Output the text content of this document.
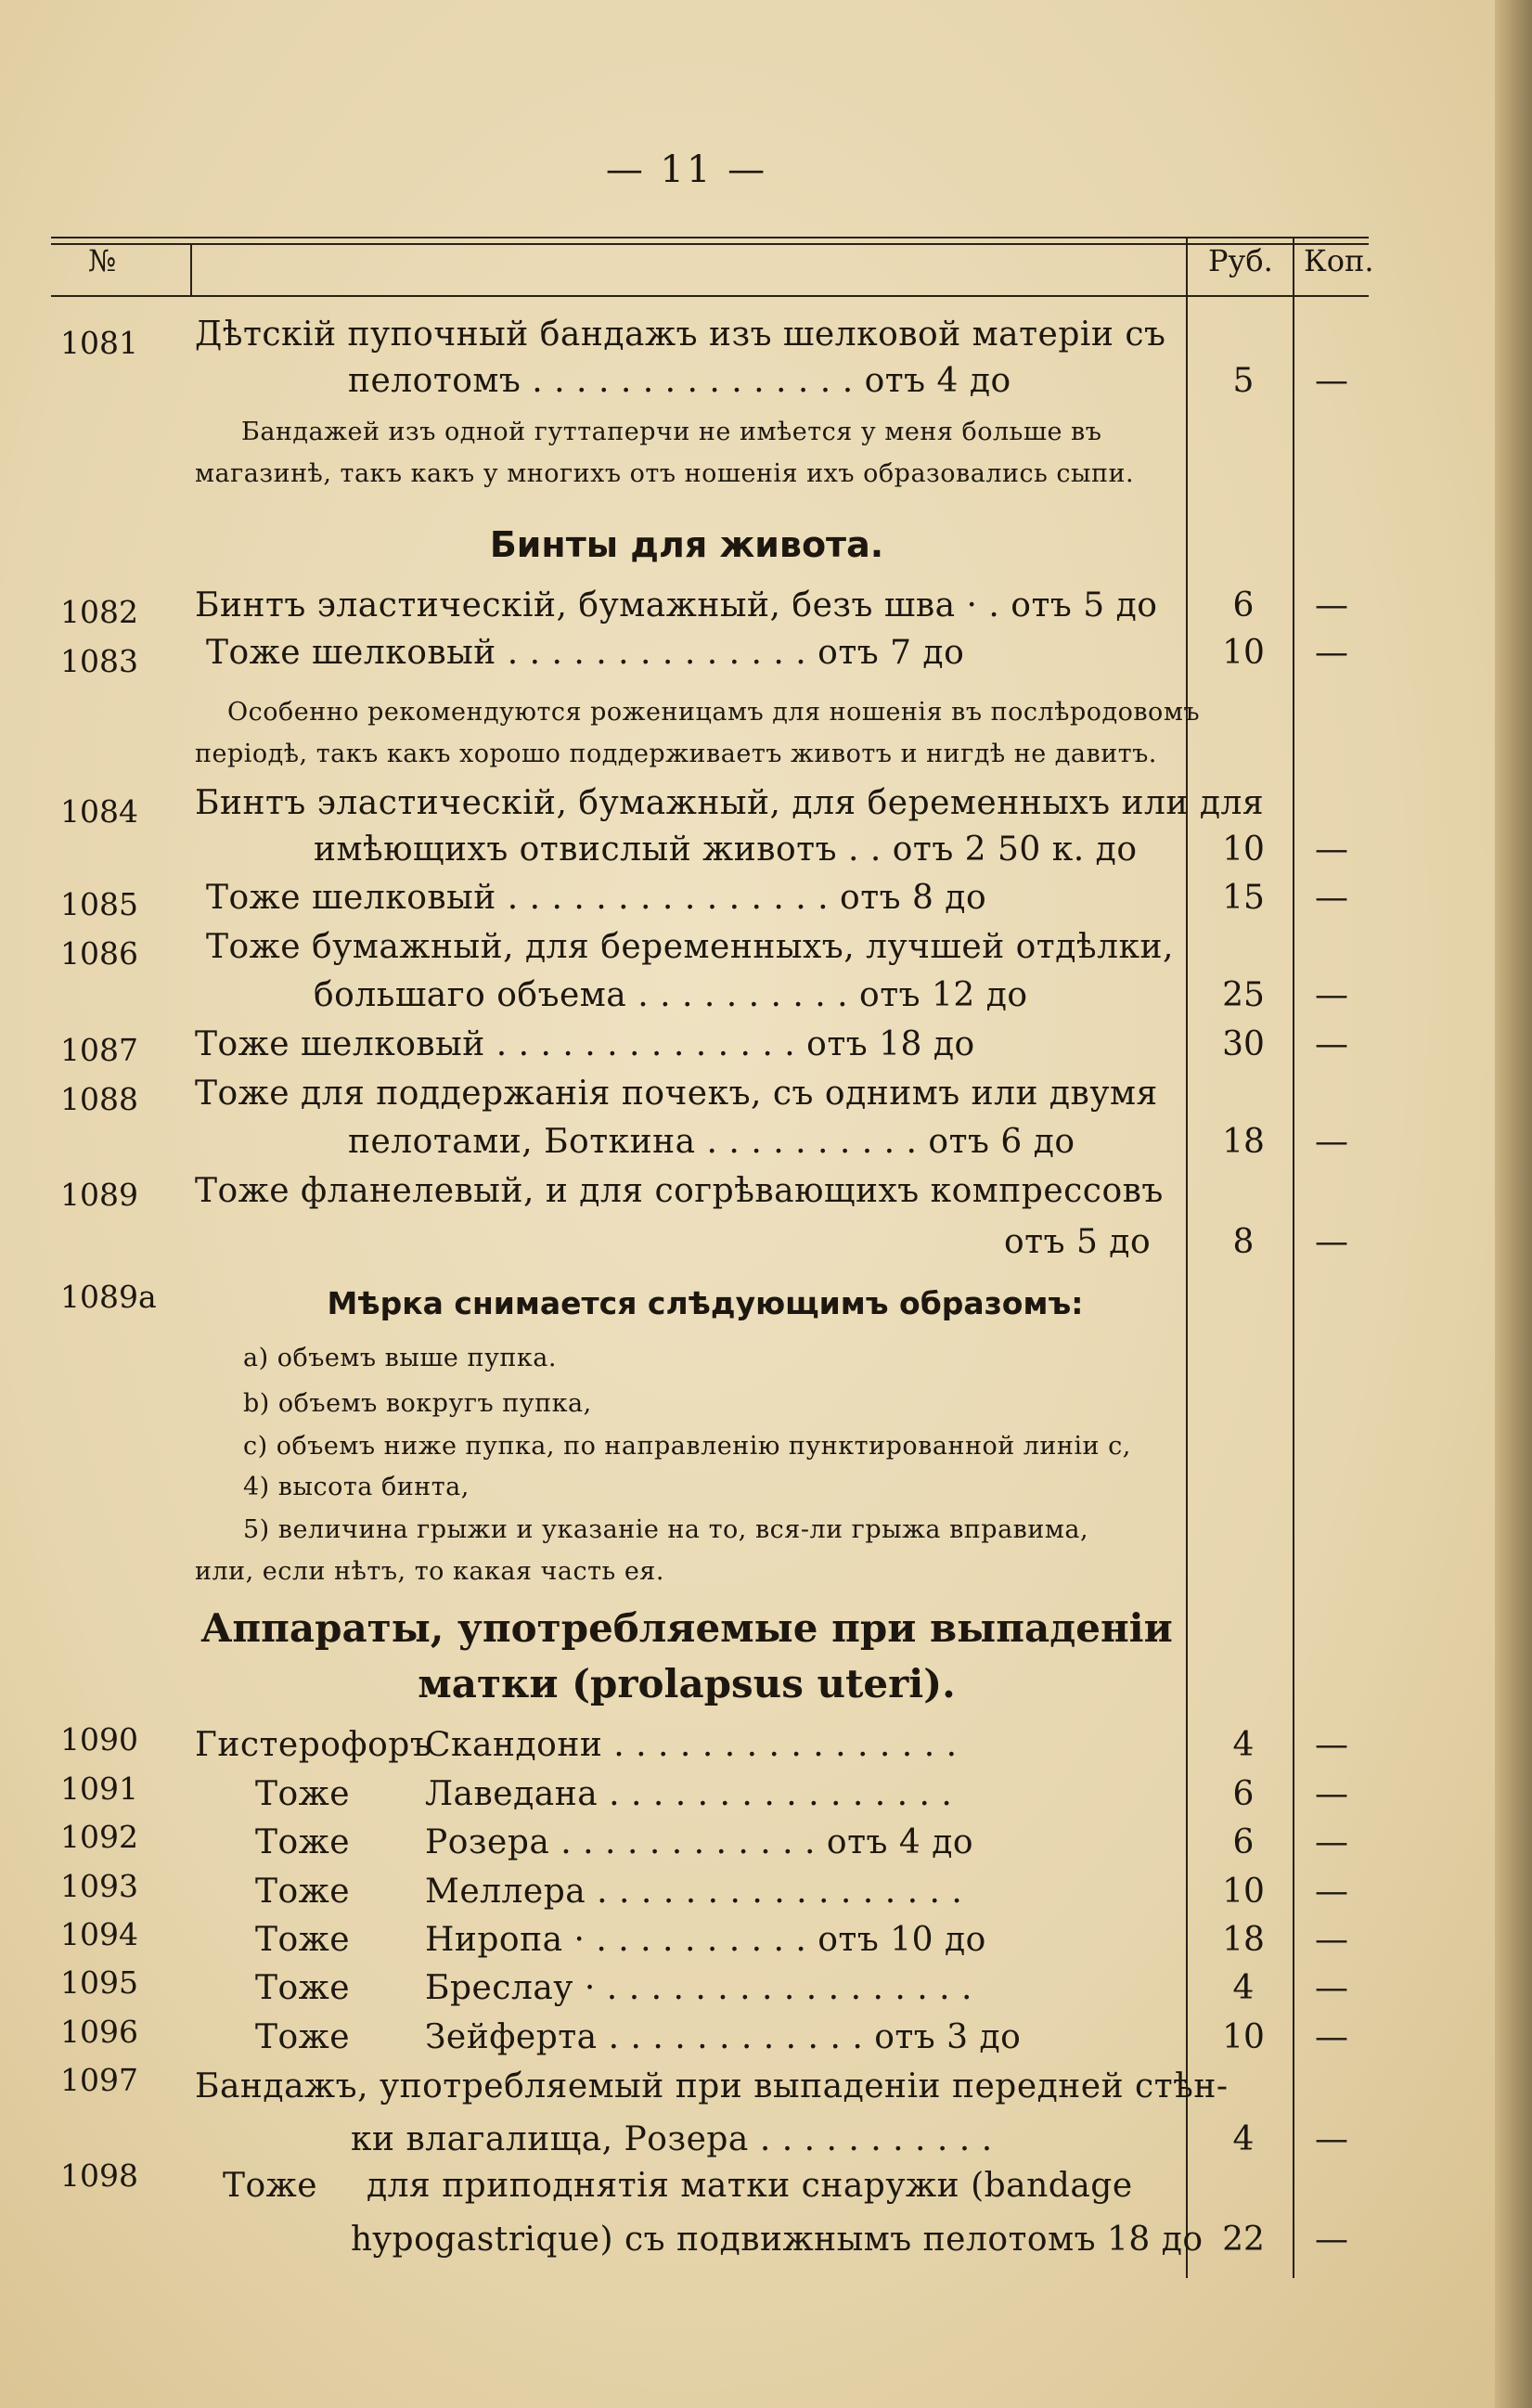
— 11 —
№	Руб. Коп.
1081	Дѣтскій пупочный бандажъ изъ шелковой матеріи съ
пелотомъ . . . . . . . . . . . . . . . отъ 4 до	5	—
Бандажей изъ одной гуттаперчи не имѣется у меня больше въ
магазинѣ, такъ какъ у многихъ отъ ношенія ихъ образовались сыпи.
Бинты для живота.
1082	Бинтъ эластическій, бумажный, безъ шва · . отъ 5 до	6	—
1083	Тоже шелковый . . . . . . . . . . . . . . отъ 7 до	10	—
Особенно рекомендуются роженицамъ для ношенія въ послѣродовомъ
періодѣ, такъ какъ хорошо поддерживаетъ животъ и нигдѣ не давитъ.
1084	Бинтъ эластическій, бумажный, для беременныхъ или для
имѣющихъ отвислый животъ . . отъ 2 50 к. до	10	—
1085	Тоже шелковый . . . . . . . . . . . . . . . отъ 8 до	15	—
1086	Тоже бумажный, для беременныхъ, лучшей отдѣлки,
большаго объема . . . . . . . . . . отъ 12 до	25	—
1087	Тоже шелковый . . . . . . . . . . . . . . отъ 18 до	30	—
1088	Тоже для поддержанія почекъ, съ однимъ или двумя
пелотами, Боткина . . . . . . . . . . отъ 6 до	18	—
1089	Тоже фланелевый, и для согрѣвающихъ компрессовъ
отъ 5 до	8	—
1089а	Мѣрка снимается слѣдующимъ образомъ:
а) объемъ выше пупка.
b) объемъ вокругъ пупка,
c) объемъ ниже пупка, по направленію пунктированной линіи с,
4) высота бинта,
5) величина грыжи и указаніе на то, вся-ли грыжа вправима,
или, если нѣтъ, то какая часть ея.
Аппараты, употребляемые при выпаденіи
матки (prolapsus uteri).
1090	Гистерофоръ
Скандони . . . . . . . . . . . . . . . .	4	—
1091	Тоже Лаведана . . . . . . . . . . . . . . . .	6	—
1092	Тоже Розера . . . . . . . . . . . . отъ 4 до	6	—
1093	Тоже Меллера . . . . . . . . . . . . . . . . .	10	—
1094	Тоже Ниропа · . . . . . . . . . . отъ 10 до	18	—
1095	Тоже Бреслау · . . . . . . . . . . . . . . . . .	4	—
1096	Тоже Зейферта . . . . . . . . . . . . отъ 3 до	10	—
1097	Бандажъ, употребляемый при выпаденіи передней стѣн-
ки влагалища, Розера . . . . . . . . . . .	4	—
1098	Тоже для приподнятія матки снаружи (bandage
hypogastrique) съ подвижнымъ пелотомъ 18 до 22	—
